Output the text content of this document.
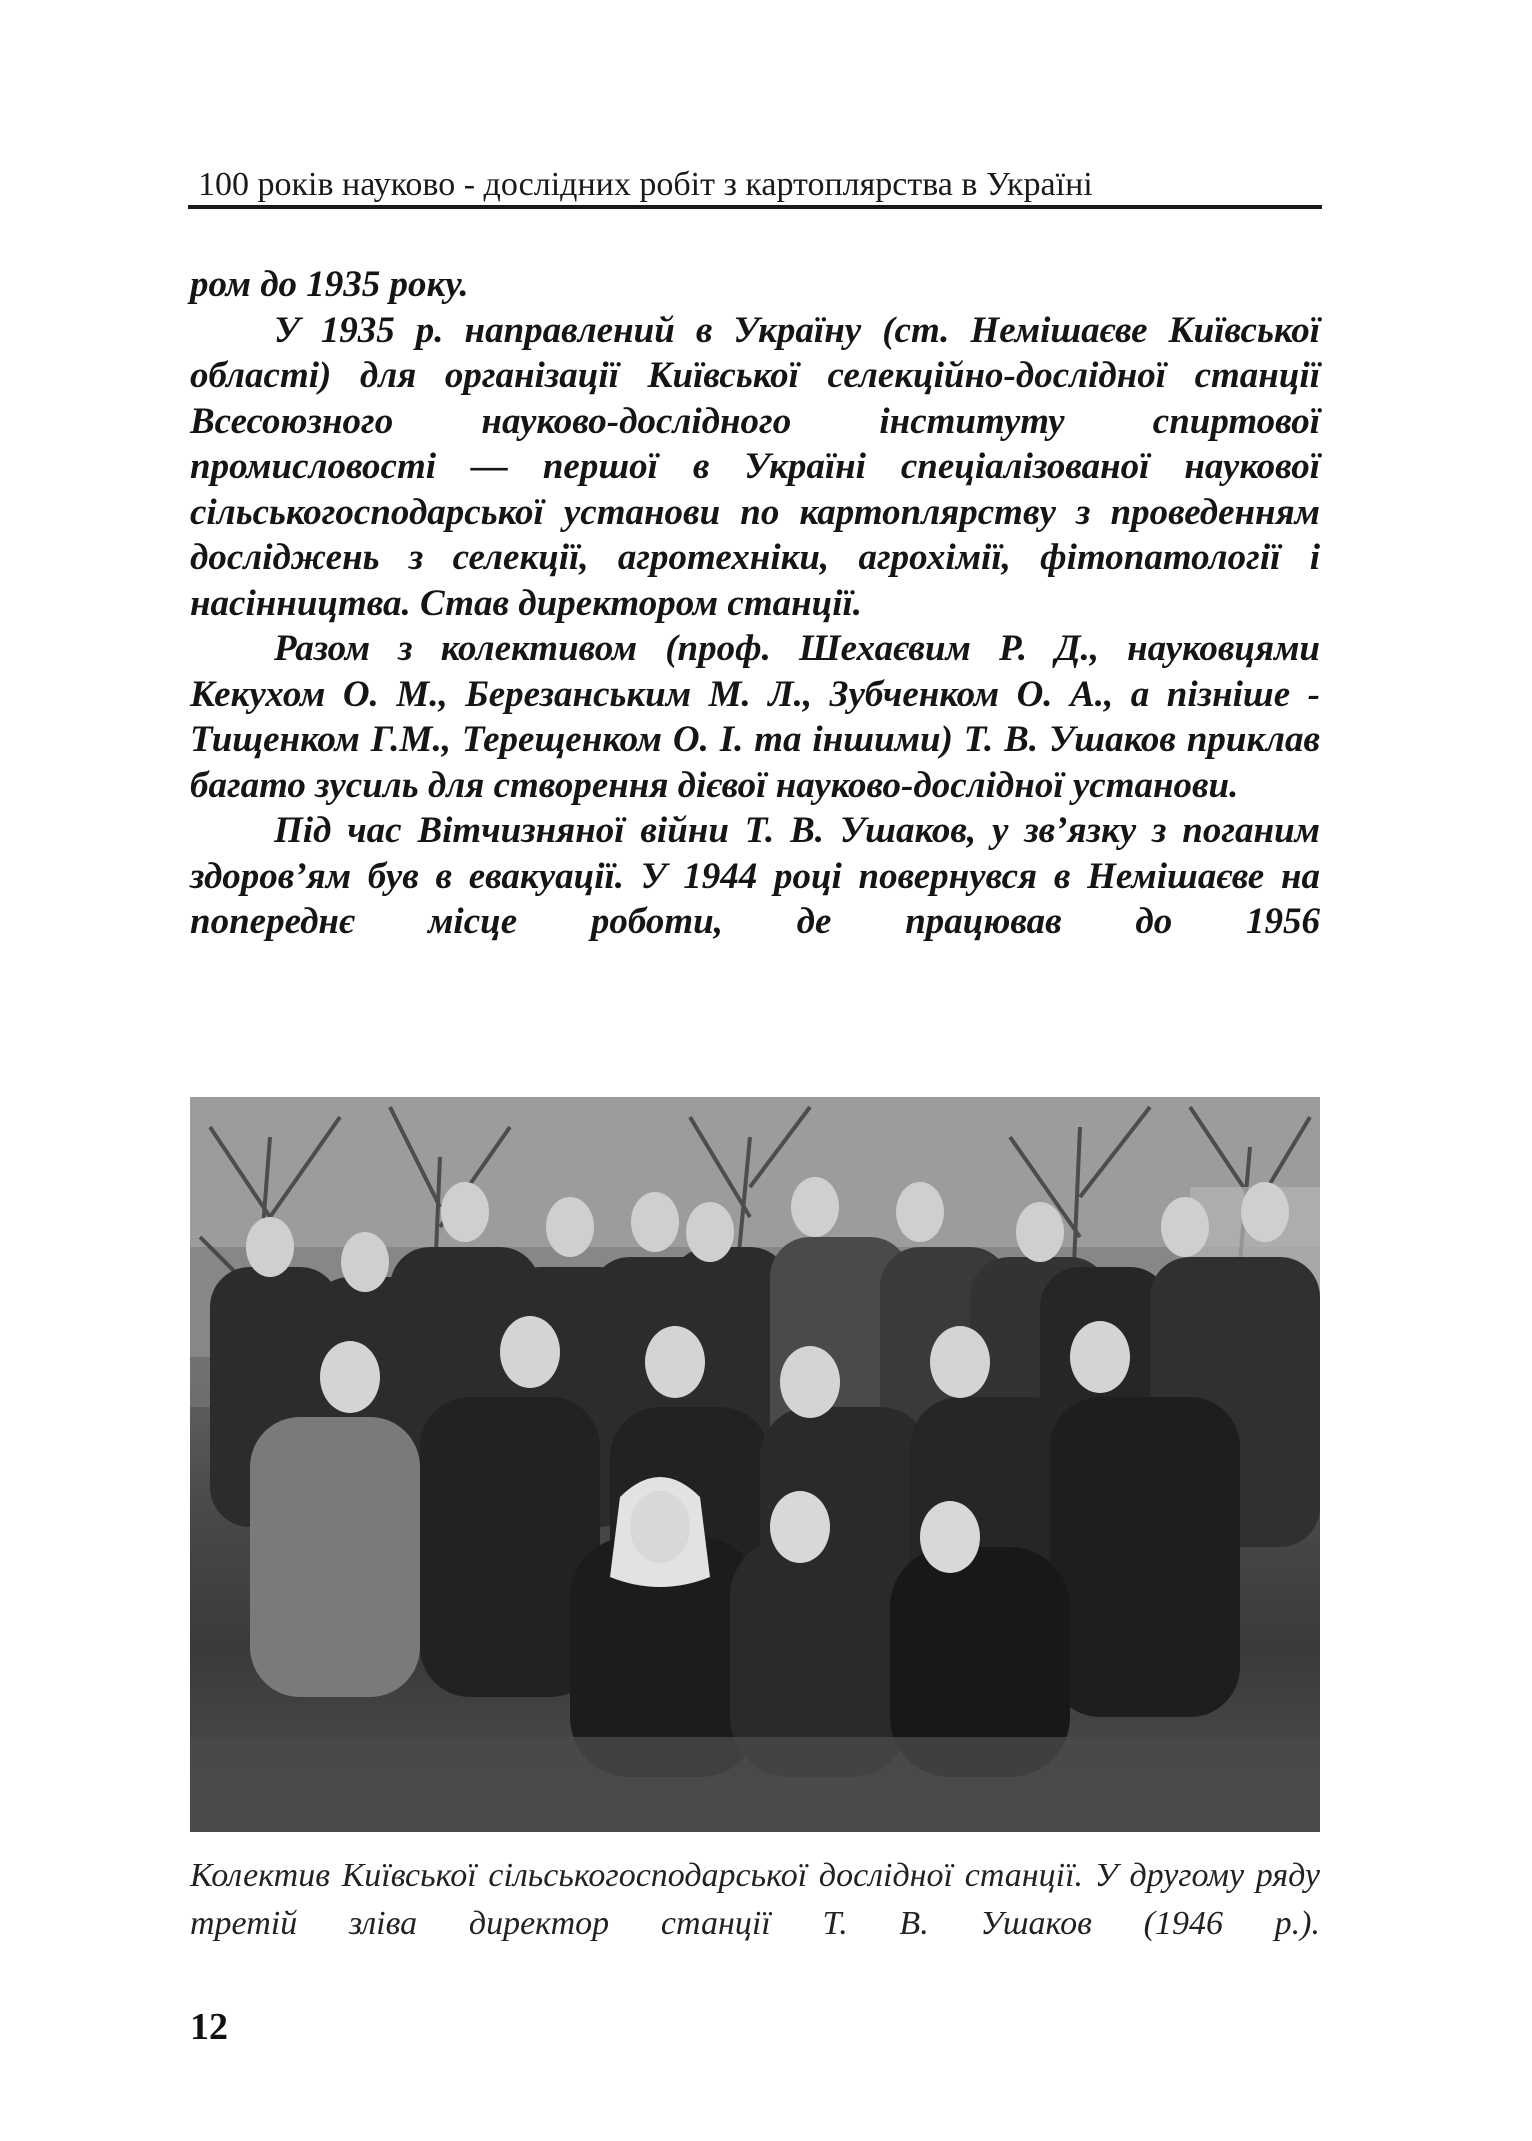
100 років науково - дослідних робіт з картоплярства в Україні

ром до 1935 року.

У 1935 р. направлений в Україну (ст. Немішаєве Київської області) для організації Київської селекційно-дослідної станції Всесоюзного науково-дослідного інституту спиртової промисловості — першої в Україні спеціалізованої наукової сільськогосподарської установи по картоплярству з проведенням досліджень з селекції, агротехніки, агрохімії, фітопатології і насінництва. Став директором станції.

Разом з колективом (проф. Шехаєвим Р. Д., науковцями Кекухом О. М., Березанським М. Л., Зубченком О. А., а пізніше - Тищенком Г.М., Терещенком О. І. та іншими) Т. В. Ушаков приклав багато зусиль для створення дієвої науково-дослідної установи.

Під час Вітчизняної війни Т. В. Ушаков, у зв’язку з поганим здоров’ям був в евакуації. У 1944 році повернувся в Немішаєве на попереднє місце роботи, де працював до 1956

Колектив Київської сільськогосподарської дослідної станції. У другому ряду третій зліва директор станції Т. В. Ушаков (1946 р.).
12
